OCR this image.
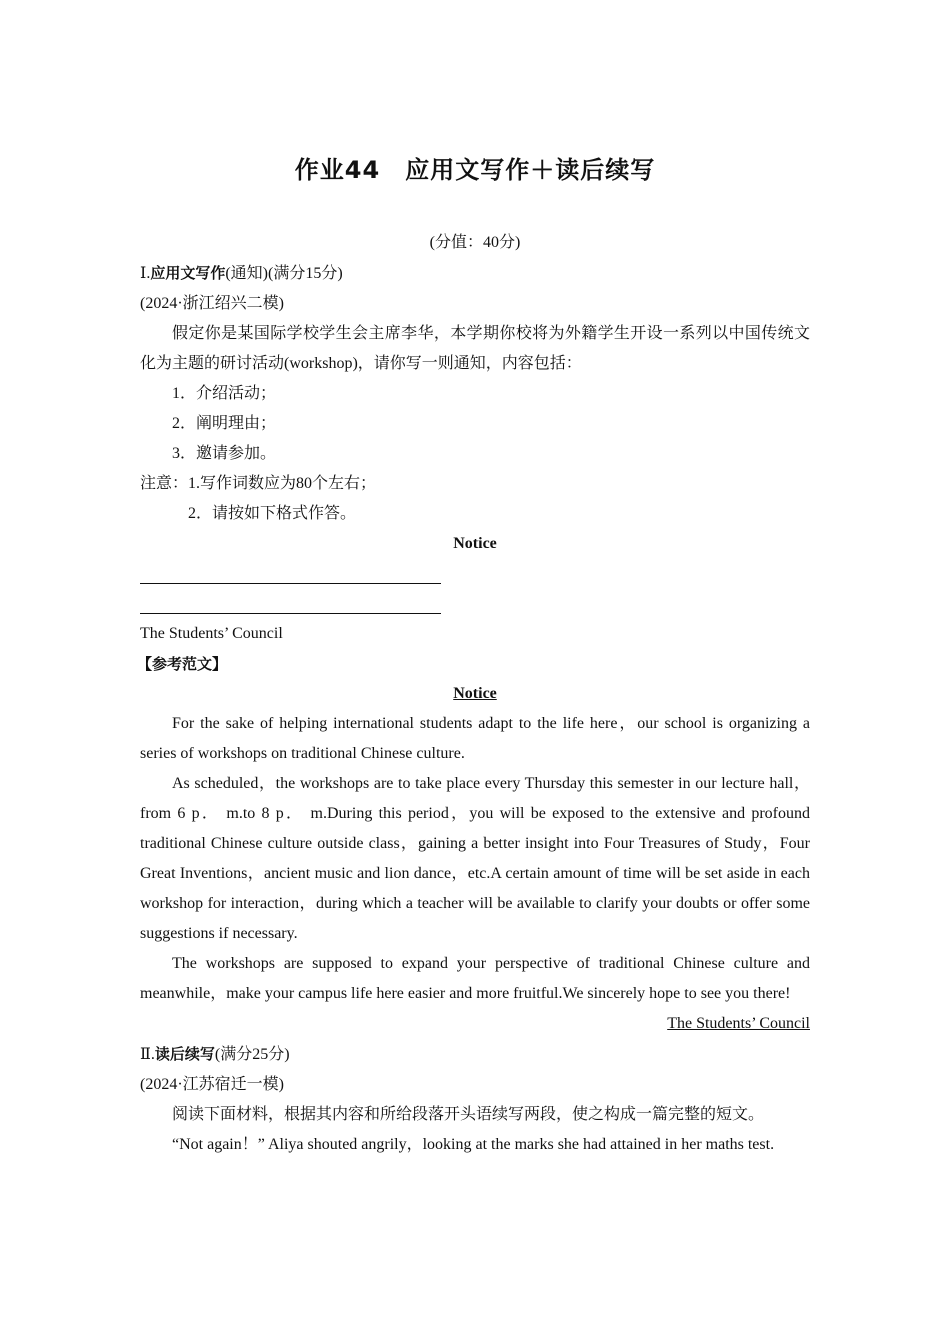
作业44　应用文写作＋读后续写
(分值：40分)
Ⅰ.应用文写作(通知)(满分15分)
(2024·浙江绍兴二模)
假定你是某国际学校学生会主席李华，本学期你校将为外籍学生开设一系列以中国传统文化为主题的研讨活动(workshop)，请你写一则通知，内容包括：
1．介绍活动；
2．阐明理由；
3．邀请参加。
注意：1.写作词数应为80个左右；
2．请按如下格式作答。
Notice
The Students’ Council
【参考范文】
Notice
For the sake of helping international students adapt to the life here，our school is organizing a series of workshops on traditional Chinese culture.
As scheduled，the workshops are to take place every Thursday this semester in our lecture hall，from 6 p． m.to 8 p． m.During this period，you will be exposed to the extensive and profound traditional Chinese culture outside class，gaining a better insight into Four Treasures of Study，Four Great Inventions，ancient music and lion dance，etc.A certain amount of time will be set aside in each workshop for interaction，during which a teacher will be available to clarify your doubts or offer some suggestions if necessary.
The workshops are supposed to expand your perspective of traditional Chinese culture and meanwhile，make your campus life here easier and more fruitful.We sincerely hope to see you there!
The Students’ Council
Ⅱ.读后续写(满分25分)
(2024·江苏宿迁一模)
阅读下面材料，根据其内容和所给段落开头语续写两段，使之构成一篇完整的短文。
“Not again！” Aliya shouted angrily，looking at the marks she had attained in her maths test.
